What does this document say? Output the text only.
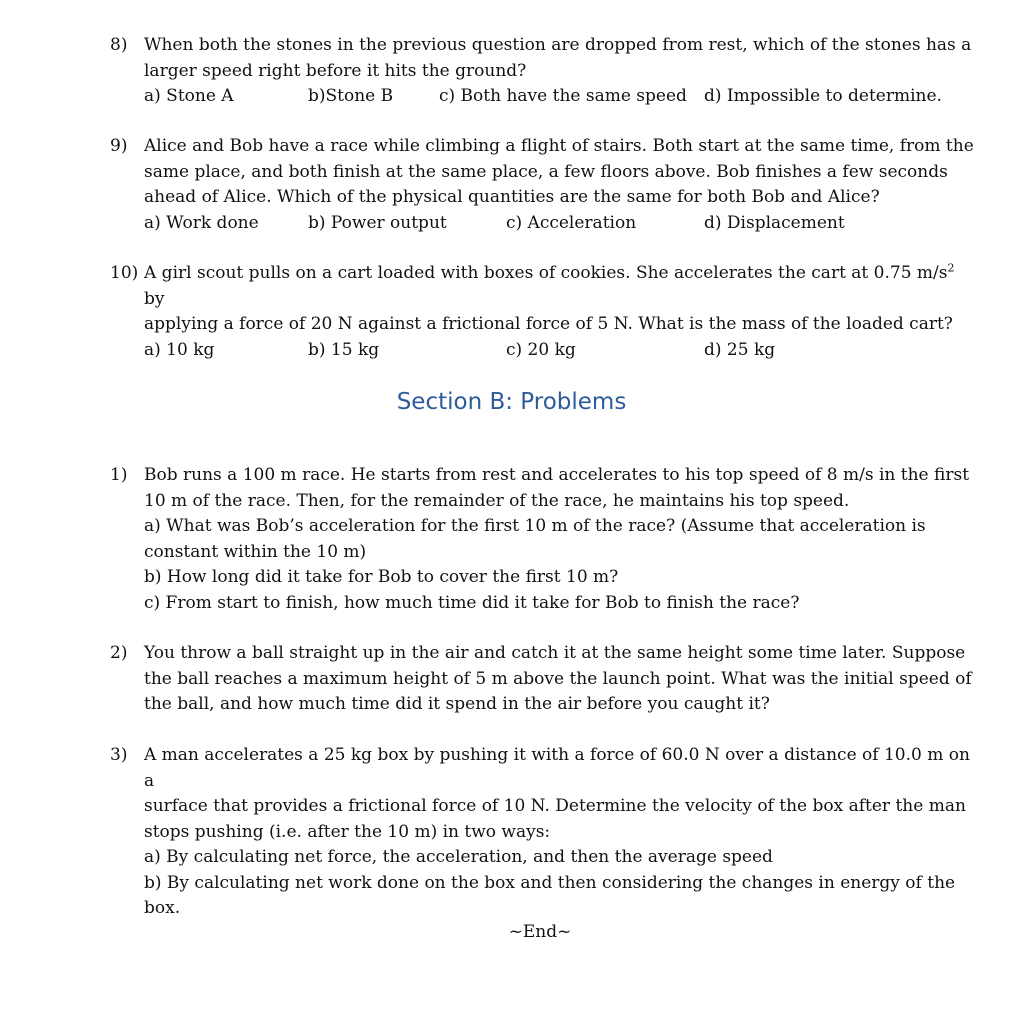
8) When both the stones in the previous question are dropped from rest, which of the stones has a
larger speed right before it hits the ground?
a) Stone A	b)Stone B	c) Both have the same speed d) Impossible to determine.
9) Alice and Bob have a race while climbing a flight of stairs. Both start at the same time, from the
same place, and both finish at the same place, a few floors above. Bob finishes a few seconds
ahead of Alice. Which of the physical quantities are the same for both Bob and Alice?
a) Work done	b) Power output	c) Acceleration	d) Displacement
10) A girl scout pulls on a cart loaded with boxes of cookies. She accelerates the cart at 0.75 $m/s^2$ by
applying a force of 20 N against a frictional force of 5 N. What is the mass of the loaded cart?
a) 10 kg	b) 15 kg	c) 20 kg	d) 25 kg
Section B: Problems
1) Bob runs a 100 m race. He starts from rest and accelerates to his top speed of 8 m/s in the first
10 m of the race. Then, for the remainder of the race, he maintains his top speed.
a) What was Bob’s acceleration for the first 10 m of the race? (Assume that acceleration is
constant within the 10 m)
b) How long did it take for Bob to cover the first 10 m?
c) From start to finish, how much time did it take for Bob to finish the race?
2) You throw a ball straight up in the air and catch it at the same height some time later. Suppose
the ball reaches a maximum height of 5 m above the launch point. What was the initial speed of
the ball, and how much time did it spend in the air before you caught it?
3) A man accelerates a 25 kg box by pushing it with a force of 60.0 N over a distance of 10.0 m on a
surface that provides a frictional force of 10 N. Determine the velocity of the box after the man
stops pushing (i.e. after the 10 m) in two ways:
a) By calculating net force, the acceleration, and then the average speed
b) By calculating net work done on the box and then considering the changes in energy of the
box.
~End~
